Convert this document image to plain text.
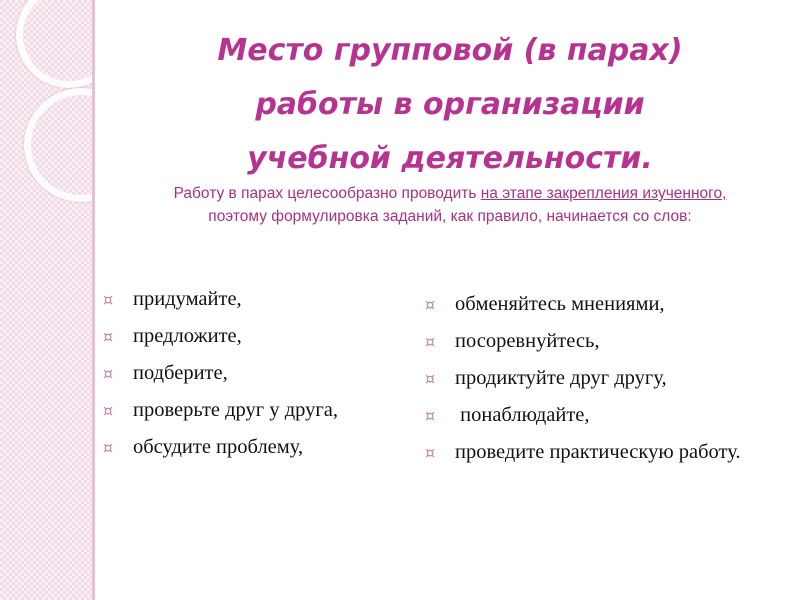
Место групповой (в парах)
работы в организации
учебной деятельности.

Работу в парах целесообразно проводить на этапе закрепления изученного, поэтому формулировка заданий, как правило, начинается со слов:

¤ придумайте,
¤ предложите,
¤ подберите,
¤ проверьте друг у друга,
¤ обсудите проблему,
¤ обменяйтесь мнениями,
¤ посоревнуйтесь,
¤ продиктуйте друг другу,
¤ понаблюдайте,
¤ проведите практическую работу.
